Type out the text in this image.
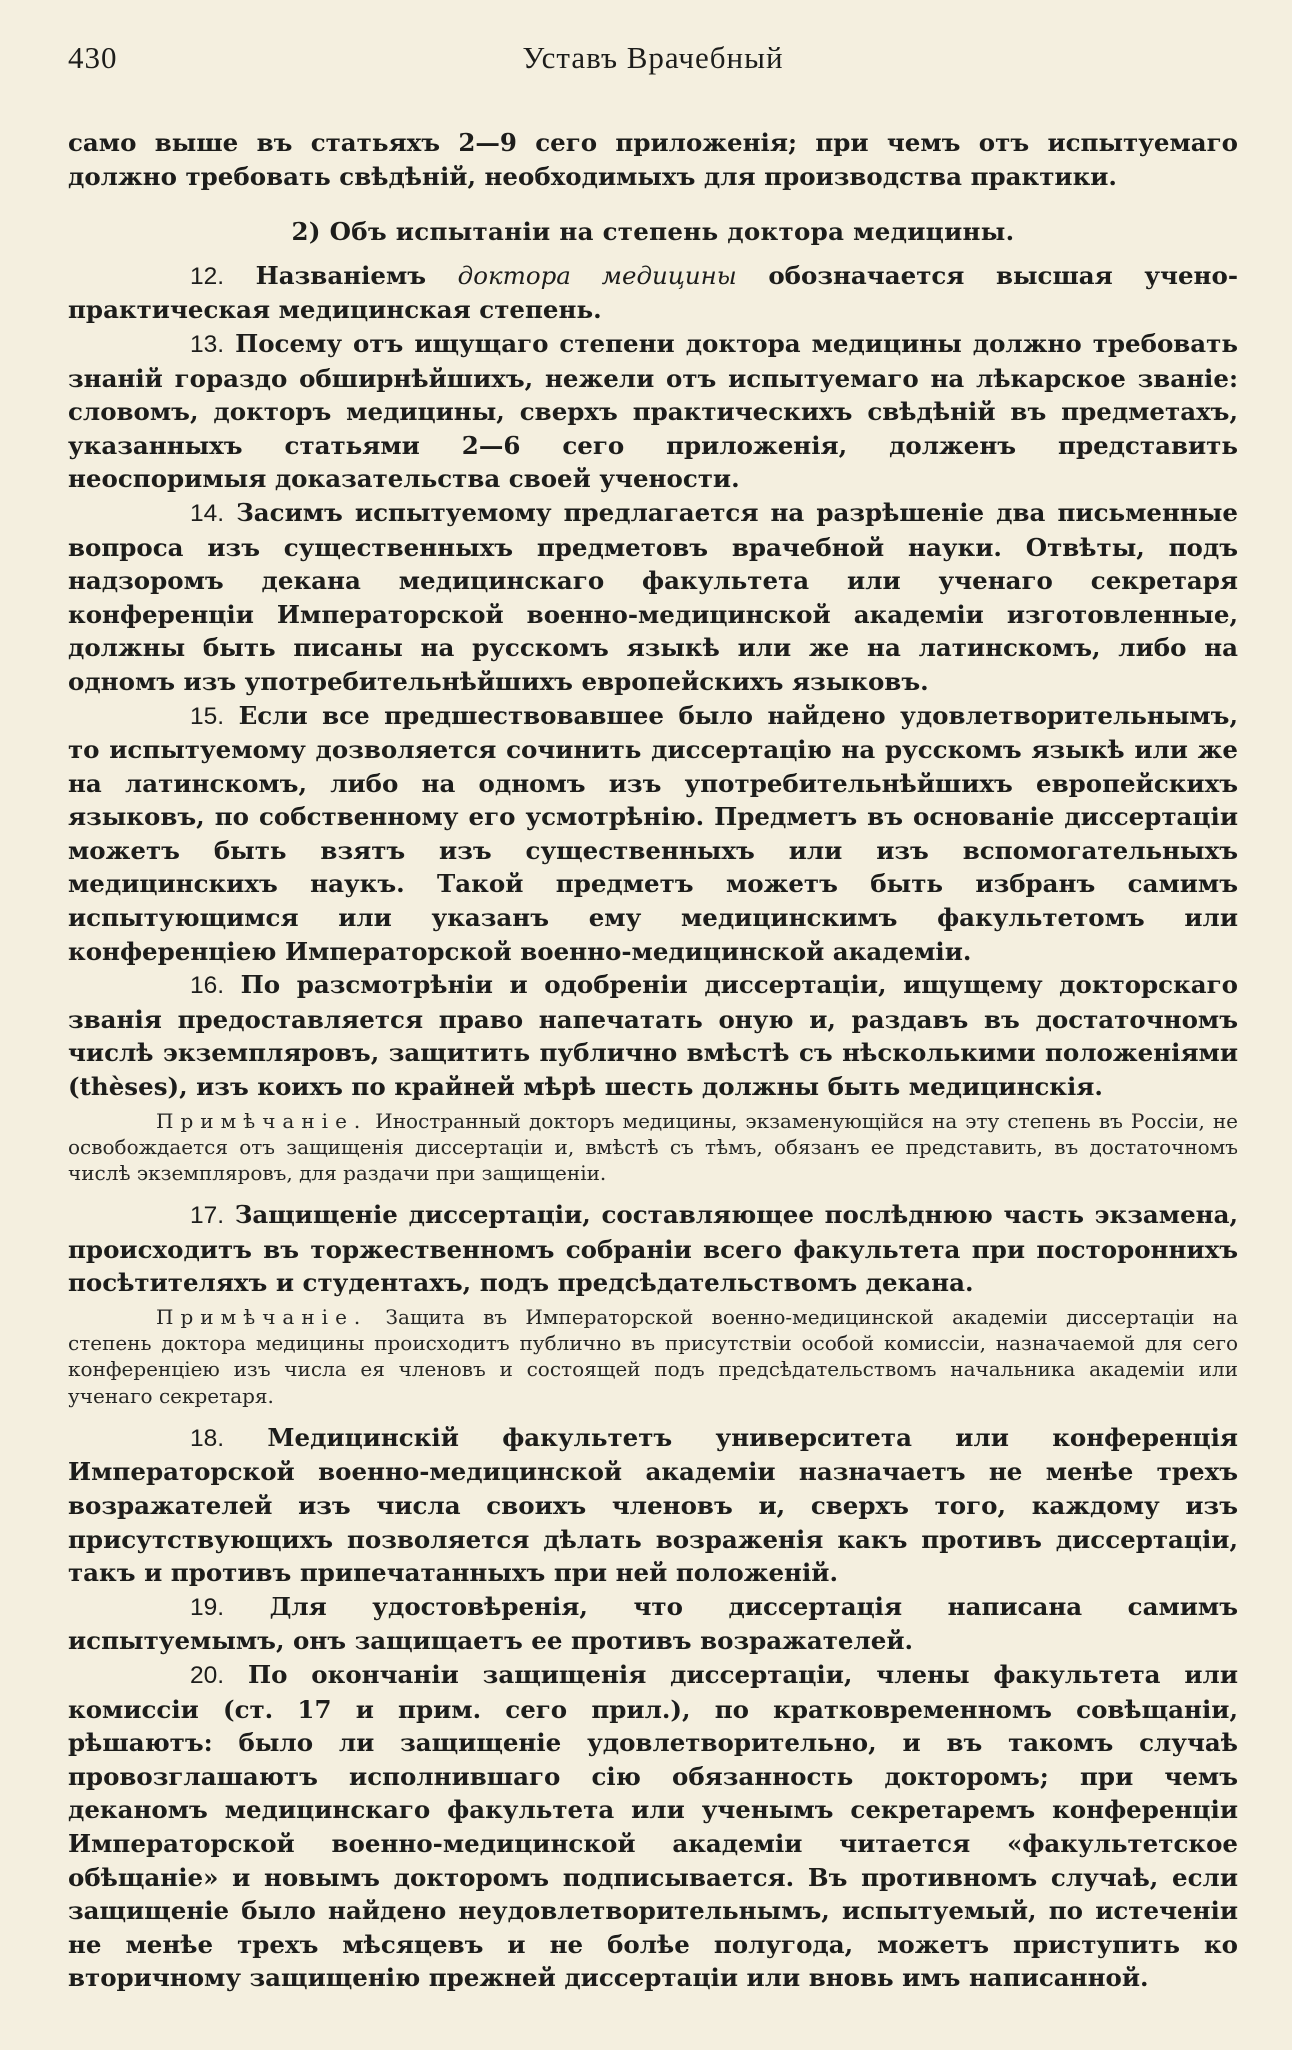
430	Уставъ Врачебный

само выше въ статьяхъ 2—9 сего приложенія; при чемъ отъ испытуемаго должно требовать свѣдѣній, необходимыхъ для производства практики.

2) Объ испытаніи на степень доктора медицины.

12. Названіемъ доктора медицины обозначается высшая учено-практическая медицинская степень.

13. Посему отъ ищущаго степени доктора медицины должно требовать знаній гораздо обширнѣйшихъ, нежели отъ испытуемаго на лѣкарское званіе: словомъ, докторъ медицины, сверхъ практическихъ свѣдѣній въ предметахъ, указанныхъ статьями 2—6 сего приложенія, долженъ представить неоспоримыя доказательства своей учености.

14. Засимъ испытуемому предлагается на разрѣшеніе два письменные вопроса изъ существенныхъ предметовъ врачебной науки. Отвѣты, подъ надзоромъ декана медицинскаго факультета или ученаго секретаря конференціи Императорской военно-медицинской академіи изготовленные, должны быть писаны на русскомъ языкѣ или же на латинскомъ, либо на одномъ изъ употребительнѣйшихъ европейскихъ языковъ.

15. Если все предшествовавшее было найдено удовлетворительнымъ, то испытуемому дозволяется сочинить диссертацію на русскомъ языкѣ или же на латинскомъ, либо на одномъ изъ употребительнѣйшихъ европейскихъ языковъ, по собственному его усмотрѣнію. Предметъ въ основаніе диссертаціи можетъ быть взятъ изъ существенныхъ или изъ вспомогательныхъ медицинскихъ наукъ. Такой предметъ можетъ быть избранъ самимъ испытующимся или указанъ ему медицинскимъ факультетомъ или конференціею Императорской военно-медицинской академіи.

16. По разсмотрѣніи и одобреніи диссертаціи, ищущему докторскаго званія предоставляется право напечатать оную и, раздавъ въ достаточномъ числѣ экземпляровъ, защитить публично вмѣстѣ съ нѣсколькими положеніями (thèses), изъ коихъ по крайней мѣрѣ шесть должны быть медицинскія.

Примѣчаніе. Иностранный докторъ медицины, экзаменующійся на эту степень въ Россіи, не освобождается отъ защищенія диссертаціи и, вмѣстѣ съ тѣмъ, обязанъ ее представить, въ достаточномъ числѣ экземпляровъ, для раздачи при защищеніи.

17. Защищеніе диссертаціи, составляющее послѣднюю часть экзамена, происходитъ въ торжественномъ собраніи всего факультета при постороннихъ посѣтителяхъ и студентахъ, подъ предсѣдательствомъ декана.

Примѣчаніе. Защита въ Императорской военно-медицинской академіи диссертаціи на степень доктора медицины происходитъ публично въ присутствіи особой комиссіи, назначаемой для сего конференціею изъ числа ея членовъ и состоящей подъ предсѣдательствомъ начальника академіи или ученаго секретаря.

18. Медицинскій факультетъ университета или конференція Императорской военно-медицинской академіи назначаетъ не менѣе трехъ возражателей изъ числа своихъ членовъ и, сверхъ того, каждому изъ присутствующихъ позволяется дѣлать возраженія какъ противъ диссертаціи, такъ и противъ припечатанныхъ при ней положеній.

19. Для удостовѣренія, что диссертація написана самимъ испытуемымъ, онъ защищаетъ ее противъ возражателей.

20. По окончаніи защищенія диссертаціи, члены факультета или комиссіи (ст. 17 и прим. сего прил.), по кратковременномъ совѣщаніи, рѣшаютъ: было ли защищеніе удовлетворительно, и въ такомъ случаѣ провозглашаютъ исполнившаго сію обязанность докторомъ; при чемъ деканомъ медицинскаго факультета или ученымъ секретаремъ конференціи Императорской военно-медицинской академіи читается «факультетское обѣщаніе» и новымъ докторомъ подписывается. Въ противномъ случаѣ, если защищеніе было найдено неудовлетворительнымъ, испытуемый, по истеченіи не менѣе трехъ мѣсяцевъ и не болѣе полугода, можетъ приступить ко вторичному защищенію прежней диссертаціи или вновь имъ написанной.
